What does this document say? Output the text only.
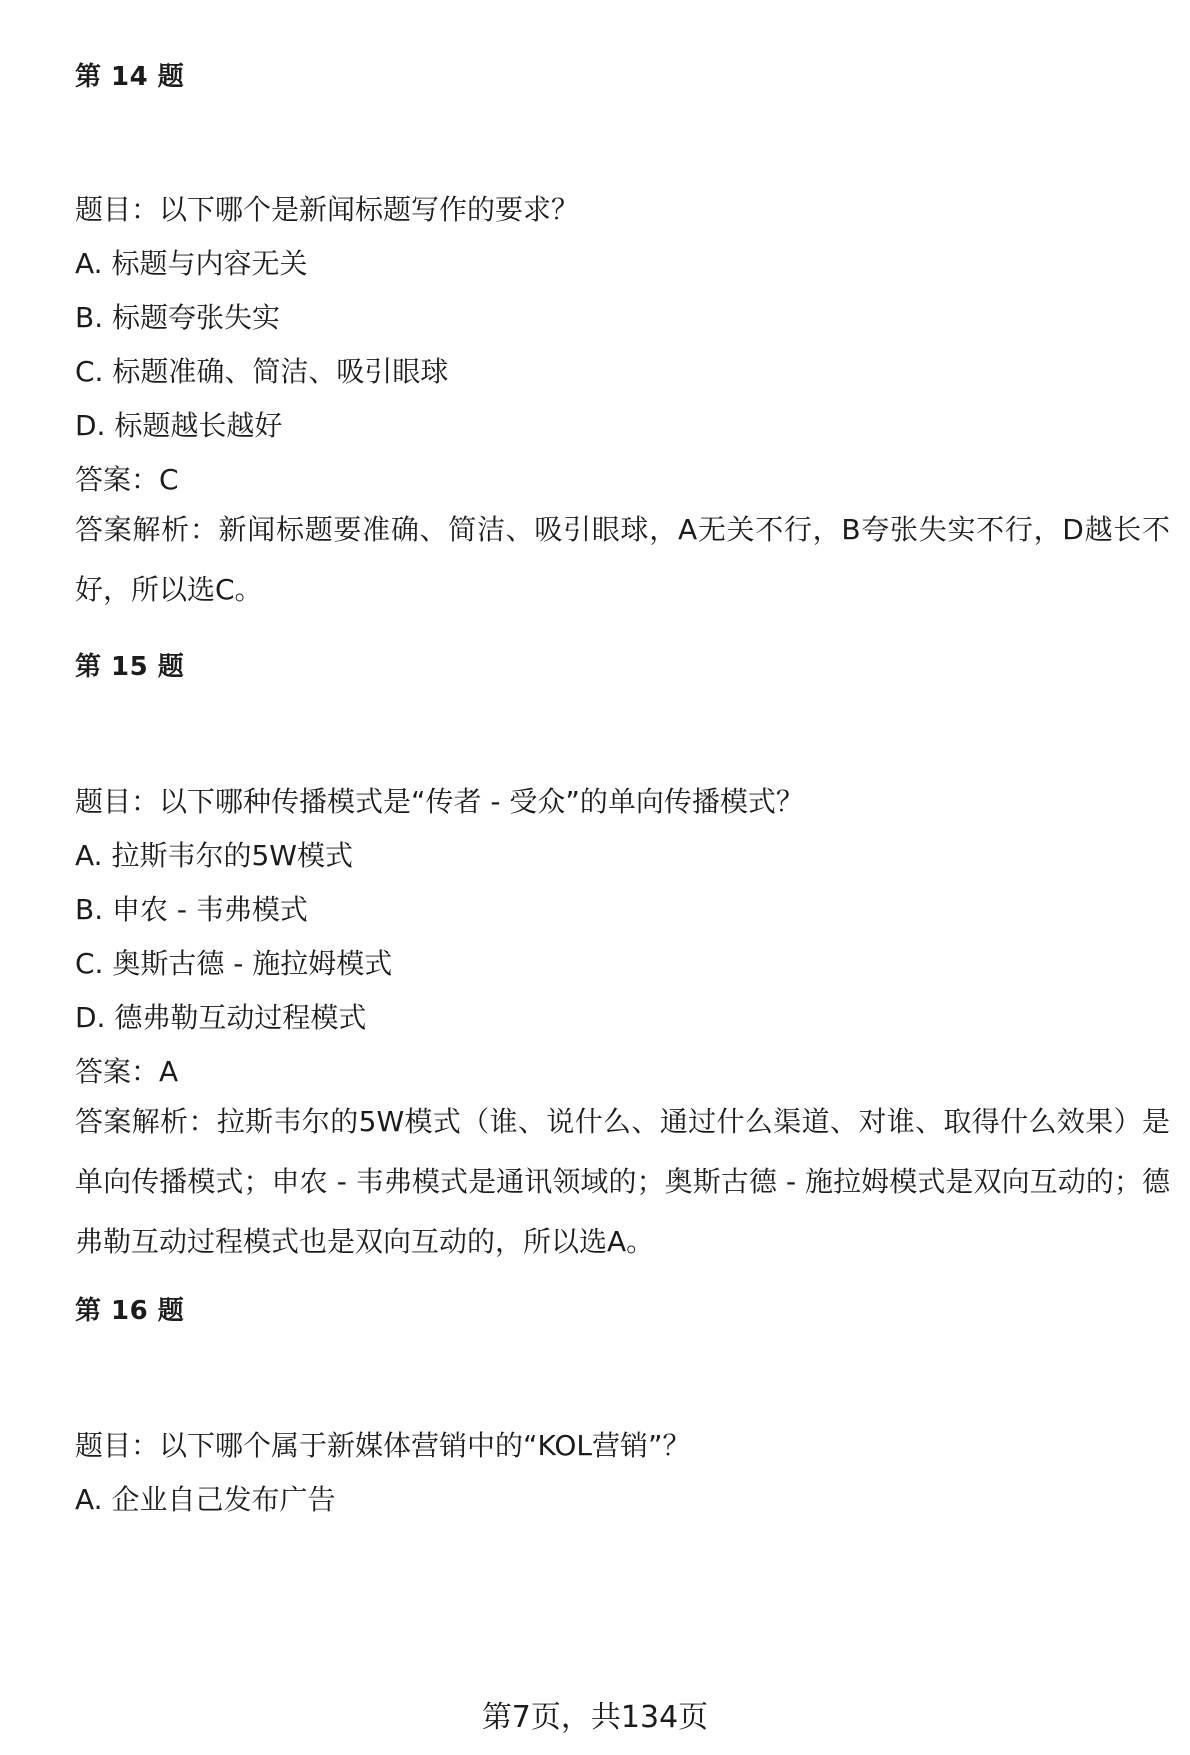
第 14 题
题目：以下哪个是新闻标题写作的要求？
A. 标题与内容无关
B. 标题夸张失实
C. 标题准确、简洁、吸引眼球
D. 标题越长越好
答案：C
答案解析：新闻标题要准确、简洁、吸引眼球，A无关不行，B夸张失实不行，D越长不好，所以选C。
第 15 题
题目：以下哪种传播模式是“传者 - 受众”的单向传播模式？
A. 拉斯韦尔的5W模式
B. 申农 - 韦弗模式
C. 奥斯古德 - 施拉姆模式
D. 德弗勒互动过程模式
答案：A
答案解析：拉斯韦尔的5W模式（谁、说什么、通过什么渠道、对谁、取得什么效果）是单向传播模式；申农 - 韦弗模式是通讯领域的；奥斯古德 - 施拉姆模式是双向互动的；德弗勒互动过程模式也是双向互动的，所以选A。
第 16 题
题目：以下哪个属于新媒体营销中的“KOL营销”？
A. 企业自己发布广告
第7页，共134页
